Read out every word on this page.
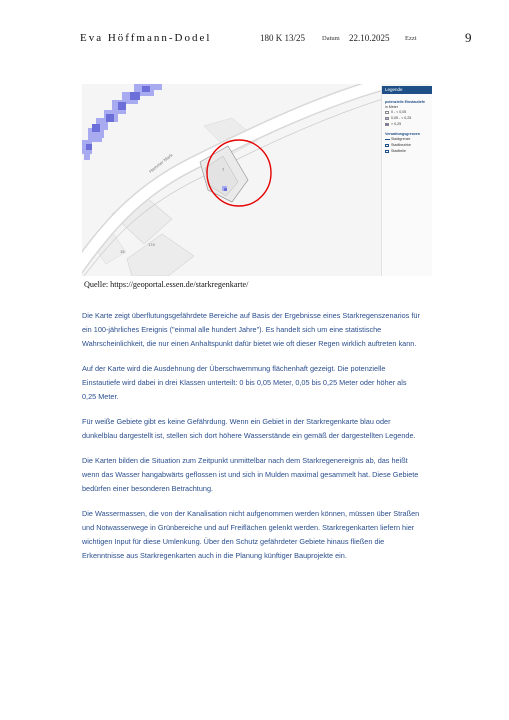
Eva Höffmann-Dodel	180 K 13/25	Datum 22.10.2025 Ezzt	9
Hammer Mark	7
15
174
Legende
potenzielle Einstautiefe
in Meter
0 - < 0,05
0,05 - < 0,25
> 0,25
Verwaltungsgrenzen
Stadtgrenze
Stadtbezirke
Stadtteile
Quelle: https://geoportal.essen.de/starkregenkarte/

Die Karte zeigt überflutungsgefährdete Bereiche auf Basis der Ergebnisse eines Starkregenszenarios für ein 100-jährliches Ereignis ("einmal alle hundert Jahre"). Es handelt sich um eine statistische Wahrscheinlichkeit, die nur einen Anhaltspunkt dafür bietet wie oft dieser Regen wirklich auftreten kann.

Auf der Karte wird die Ausdehnung der Überschwemmung flächenhaft gezeigt. Die potenzielle Einstautiefe wird dabei in drei Klassen unterteilt: 0 bis 0,05 Meter, 0,05 bis 0,25 Meter oder höher als 0,25 Meter.

Für weiße Gebiete gibt es keine Gefährdung. Wenn ein Gebiet in der Starkregenkarte blau oder dunkelblau dargestellt ist, stellen sich dort höhere Wasserstände ein gemäß der dargestellten Legende.

Die Karten bilden die Situation zum Zeitpunkt unmittelbar nach dem Starkregenereignis ab, das heißt wenn das Wasser hangabwärts geflossen ist und sich in Mulden maximal gesammelt hat. Diese Gebiete bedürfen einer besonderen Betrachtung.

Die Wassermassen, die von der Kanalisation nicht aufgenommen werden können, müssen über Straßen und Notwasserwege in Grünbereiche und auf Freiflächen gelenkt werden. Starkregenkarten liefern hier wichtigen Input für diese Umlenkung. Über den Schutz gefährdeter Gebiete hinaus fließen die Erkenntnisse aus Starkregenkarten auch in die Planung künftiger Bauprojekte ein.
